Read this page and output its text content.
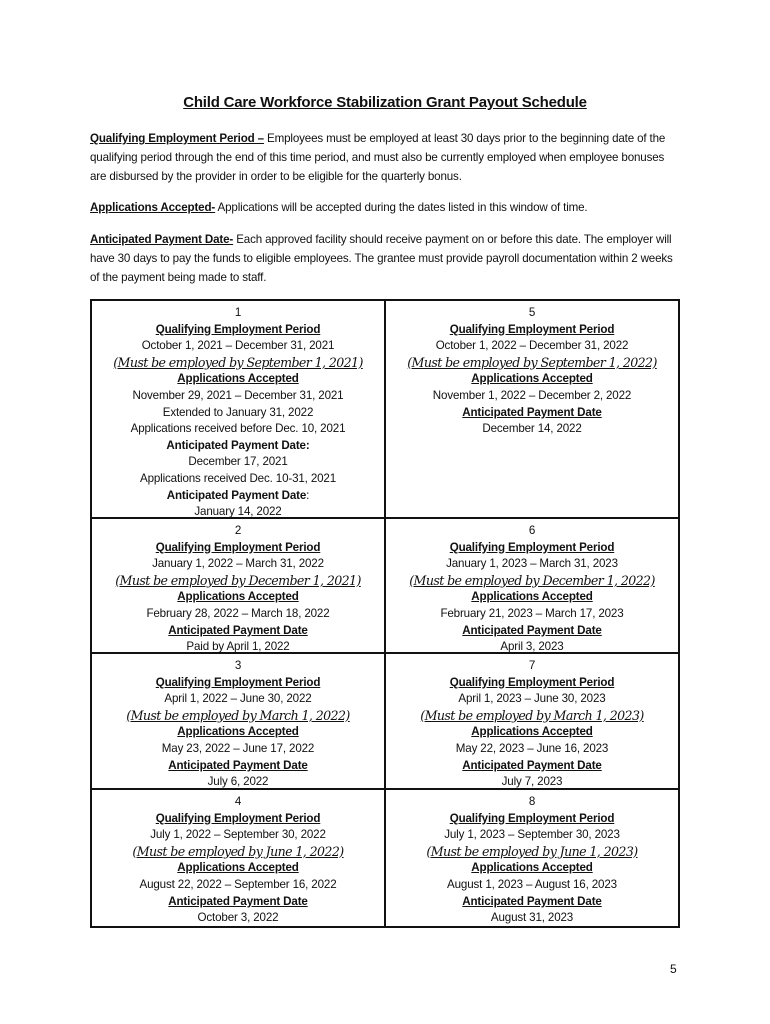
Child Care Workforce Stabilization Grant Payout Schedule
Qualifying Employment Period – Employees must be employed at least 30 days prior to the beginning date of the qualifying period through the end of this time period, and must also be currently employed when employee bonuses are disbursed by the provider in order to be eligible for the quarterly bonus.
Applications Accepted- Applications will be accepted during the dates listed in this window of time.
Anticipated Payment Date- Each approved facility should receive payment on or before this date. The employer will have 30 days to pay the funds to eligible employees. The grantee must provide payroll documentation within 2 weeks of the payment being made to staff.
1
Qualifying Employment Period
October 1, 2021 – December 31, 2021
(Must be employed by September 1, 2021)
Applications Accepted
November 29, 2021 – December 31, 2021
Extended to January 31, 2022
Applications received before Dec. 10, 2021
Anticipated Payment Date:
December 17, 2021
Applications received Dec. 10-31, 2021
Anticipated Payment Date:
January 14, 2022
5
Qualifying Employment Period
October 1, 2022 – December 31, 2022
(Must be employed by September 1, 2022)
Applications Accepted
November 1, 2022 – December 2, 2022
Anticipated Payment Date
December 14, 2022
2
Qualifying Employment Period
January 1, 2022 – March 31, 2022
(Must be employed by December 1, 2021)
Applications Accepted
February 28, 2022 – March 18, 2022
Anticipated Payment Date
Paid by April 1, 2022
6
Qualifying Employment Period
January 1, 2023 – March 31, 2023
(Must be employed by December 1, 2022)
Applications Accepted
February 21, 2023 – March 17, 2023
Anticipated Payment Date
April 3, 2023
3
Qualifying Employment Period
April 1, 2022 – June 30, 2022
(Must be employed by March 1, 2022)
Applications Accepted
May 23, 2022 – June 17, 2022
Anticipated Payment Date
July 6, 2022
7
Qualifying Employment Period
April 1, 2023 – June 30, 2023
(Must be employed by March 1, 2023)
Applications Accepted
May 22, 2023 – June 16, 2023
Anticipated Payment Date
July 7, 2023
4
Qualifying Employment Period
July 1, 2022 – September 30, 2022
(Must be employed by June 1, 2022)
Applications Accepted
August 22, 2022 – September 16, 2022
Anticipated Payment Date
October 3, 2022
8
Qualifying Employment Period
July 1, 2023 – September 30, 2023
(Must be employed by June 1, 2023)
Applications Accepted
August 1, 2023 – August 16, 2023
Anticipated Payment Date
August 31, 2023
5
